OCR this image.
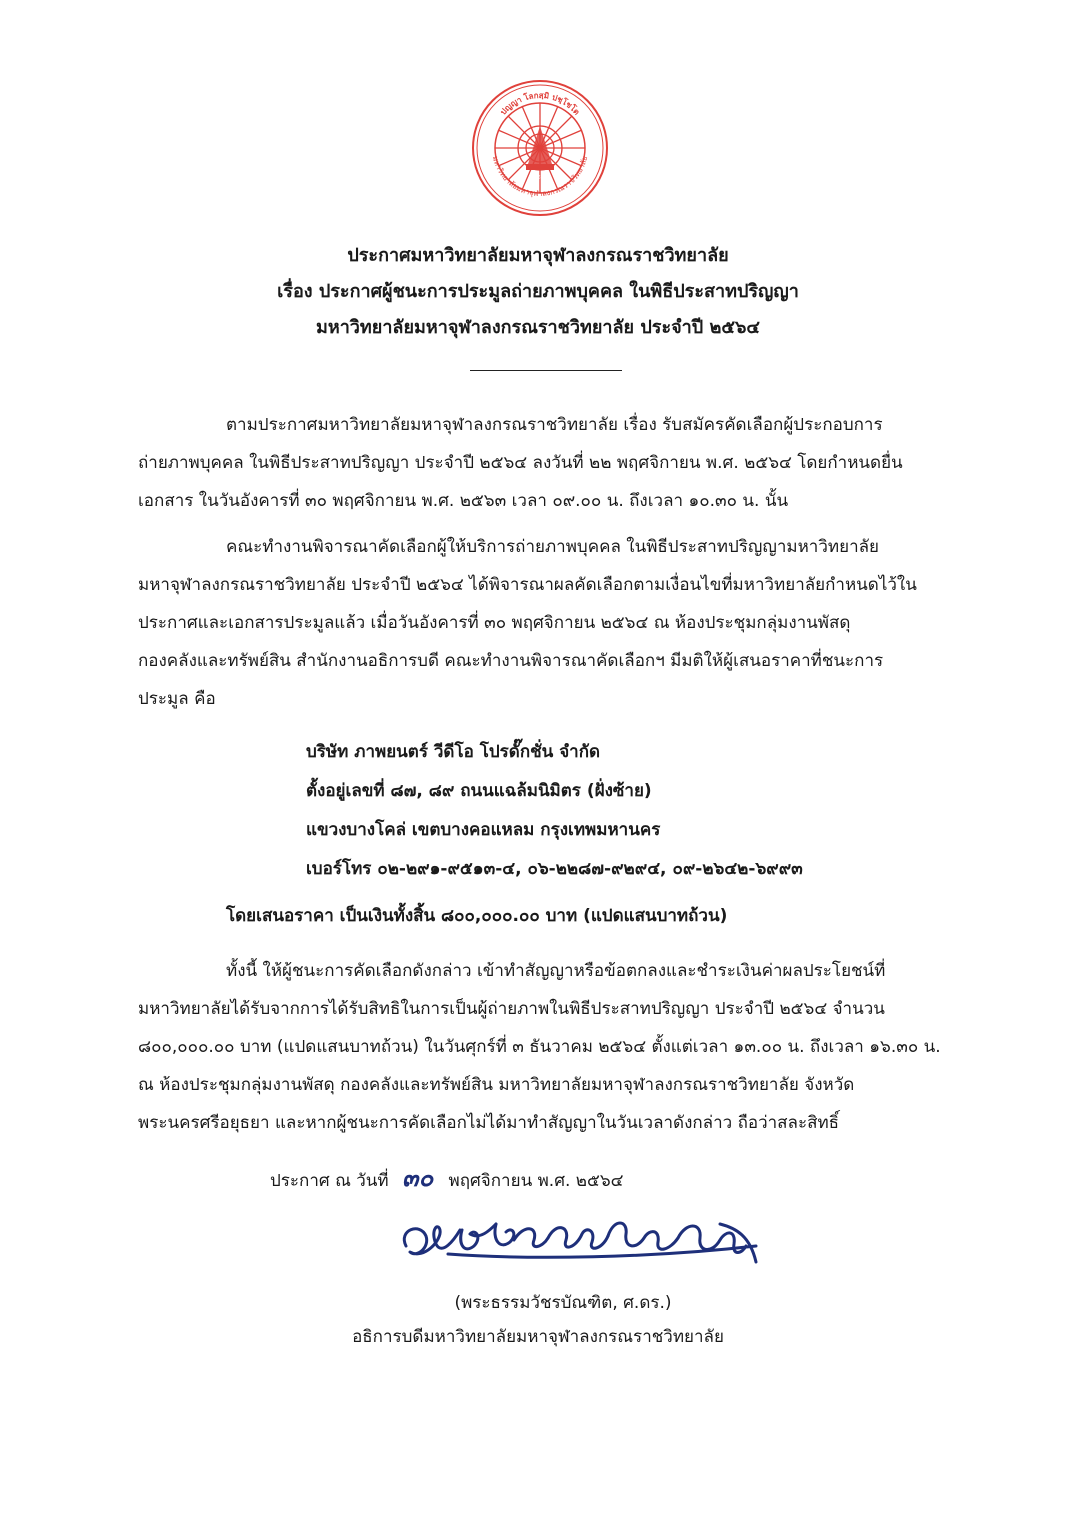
มหาวิทยาลัยมหาจุฬาลงกรณราชวิทยาลัย
ปญญา โลกสฺมิ ปชฺโชโต
๒๕๓๐
ประกาศมหาวิทยาลัยมหาจุฬาลงกรณราชวิทยาลัย
เรื่อง ประกาศผู้ชนะการประมูลถ่ายภาพบุคคล ในพิธีประสาทปริญญา
มหาวิทยาลัยมหาจุฬาลงกรณราชวิทยาลัย ประจำปี ๒๕๖๔
ตามประกาศมหาวิทยาลัยมหาจุฬาลงกรณราชวิทยาลัย เรื่อง รับสมัครคัดเลือกผู้ประกอบการ
ถ่ายภาพบุคคล ในพิธีประสาทปริญญา ประจำปี ๒๕๖๔ ลงวันที่ ๒๒ พฤศจิกายน พ.ศ. ๒๕๖๔ โดยกำหนดยื่น
เอกสาร ในวันอังคารที่ ๓๐ พฤศจิกายน พ.ศ. ๒๕๖๓ เวลา ๐๙.๐๐ น. ถึงเวลา ๑๐.๓๐ น. นั้น
คณะทำงานพิจารณาคัดเลือกผู้ให้บริการถ่ายภาพบุคคล ในพิธีประสาทปริญญามหาวิทยาลัย
มหาจุฬาลงกรณราชวิทยาลัย ประจำปี ๒๕๖๔ ได้พิจารณาผลคัดเลือกตามเงื่อนไขที่มหาวิทยาลัยกำหนดไว้ใน
ประกาศและเอกสารประมูลแล้ว เมื่อวันอังคารที่ ๓๐ พฤศจิกายน ๒๕๖๔ ณ ห้องประชุมกลุ่มงานพัสดุ
กองคลังและทรัพย์สิน สำนักงานอธิการบดี คณะทำงานพิจารณาคัดเลือกฯ มีมติให้ผู้เสนอราคาที่ชนะการ
ประมูล คือ
บริษัท ภาพยนตร์ วีดีโอ โปรดั๊กชั่น จำกัด
ตั้งอยู่เลขที่ ๘๗, ๘๙ ถนนแฉล้มนิมิตร (ฝั่งซ้าย)
แขวงบางโคล่ เขตบางคอแหลม กรุงเทพมหานคร
เบอร์โทร ๐๒-๒๙๑-๙๕๑๓-๔, ๐๖-๒๒๘๗-๙๒๙๔, ๐๙-๒๖๔๒-๖๙๙๓
โดยเสนอราคา เป็นเงินทั้งสิ้น ๘๐๐,๐๐๐.๐๐ บาท (แปดแสนบาทถ้วน)
ทั้งนี้ ให้ผู้ชนะการคัดเลือกดังกล่าว เข้าทำสัญญาหรือข้อตกลงและชำระเงินค่าผลประโยชน์ที่
มหาวิทยาลัยได้รับจากการได้รับสิทธิในการเป็นผู้ถ่ายภาพในพิธีประสาทปริญญา ประจำปี ๒๕๖๔ จำนวน
๘๐๐,๐๐๐.๐๐ บาท (แปดแสนบาทถ้วน) ในวันศุกร์ที่ ๓ ธันวาคม ๒๕๖๔ ตั้งแต่เวลา ๑๓.๐๐ น. ถึงเวลา ๑๖.๓๐ น.
ณ ห้องประชุมกลุ่มงานพัสดุ กองคลังและทรัพย์สิน มหาวิทยาลัยมหาจุฬาลงกรณราชวิทยาลัย จังหวัด
พระนครศรีอยุธยา และหากผู้ชนะการคัดเลือกไม่ได้มาทำสัญญาในวันเวลาดังกล่าว ถือว่าสละสิทธิ์
ประกาศ ณ วันที่ ๓๐ พฤศจิกายน พ.ศ. ๒๕๖๔
(พระธรรมวัชรบัณฑิต, ศ.ดร.)
อธิการบดีมหาวิทยาลัยมหาจุฬาลงกรณราชวิทยาลัย
